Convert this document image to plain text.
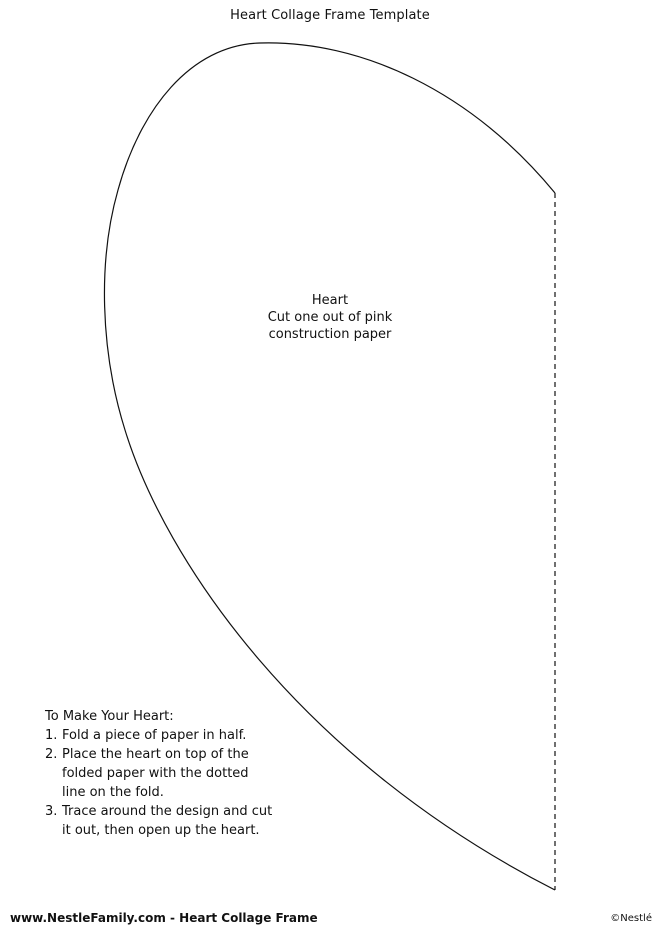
Heart Collage Frame Template
Heart
Cut one out of pink
construction paper

To Make Your Heart:

1. Fold a piece of paper in half.
2. Place the heart on top of the
folded paper with the dotted
line on the fold.
3. Trace around the design and cut
it out, then open up the heart.
www.NestleFamily.com - Heart Collage Frame	©Nestlé
